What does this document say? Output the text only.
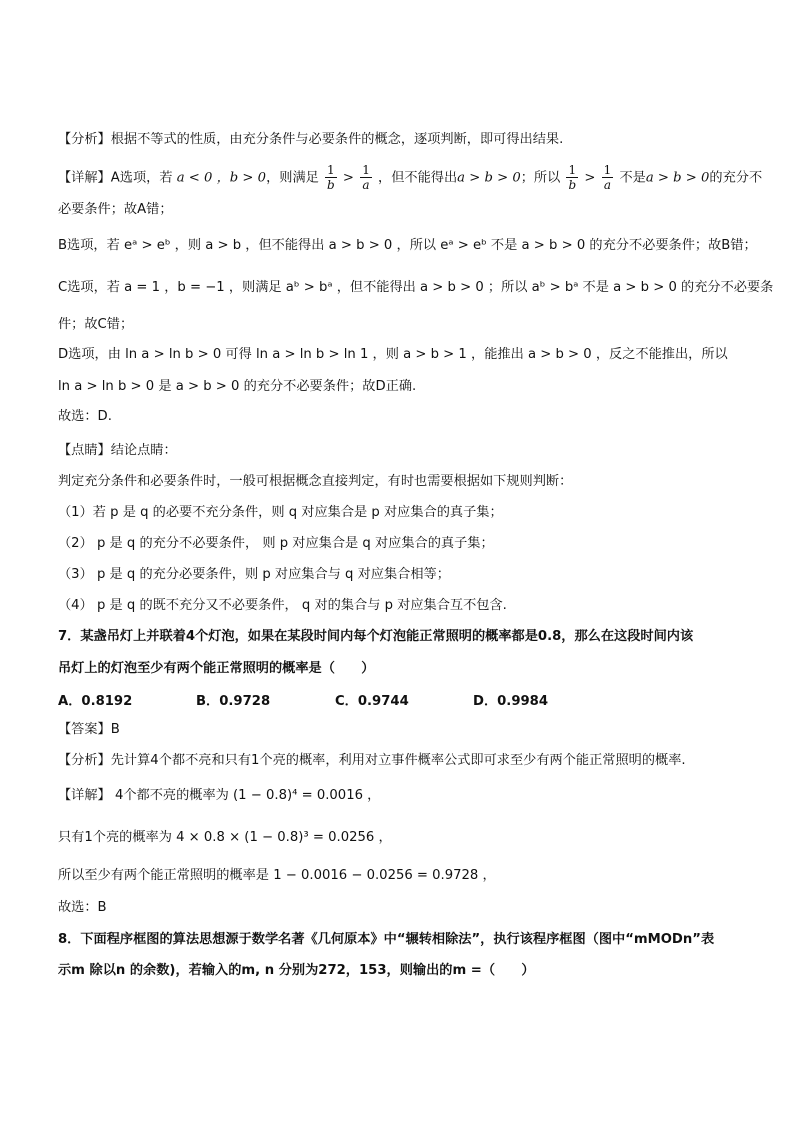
【分析】根据不等式的性质，由充分条件与必要条件的概念，逐项判断，即可得出结果.
【详解】A选项，若 a < 0 ，b > 0，则满足 $\frac{1}{b} > \frac{1}{a}$ ，但不能得出a > b > 0；所以 $\frac{1}{b} > \frac{1}{a}$ 不是a > b > 0的充分不
必要条件；故A错；
B选项，若 eᵃ > eᵇ ，则 a > b ，但不能得出 a > b > 0 ，所以 eᵃ > eᵇ 不是 a > b > 0 的充分不必要条件；故B错；
C选项，若 a = 1 ，b = −1 ，则满足 aᵇ > bᵃ ，但不能得出 a > b > 0 ；所以 aᵇ > bᵃ 不是 a > b > 0 的充分不必要条
件；故C错；
D选项，由 ln a > ln b > 0 可得 ln a > ln b > ln 1 ，则 a > b > 1 ，能推出 a > b > 0 ，反之不能推出，所以
ln a > ln b > 0 是 a > b > 0 的充分不必要条件；故D正确.
故选：D.
【点睛】结论点睛：
判定充分条件和必要条件时，一般可根据概念直接判定，有时也需要根据如下规则判断：
（1）若 p 是 q 的必要不充分条件，则 q 对应集合是 p 对应集合的真子集；
（2） p 是 q 的充分不必要条件， 则 p 对应集合是 q 对应集合的真子集；
（3） p 是 q 的充分必要条件，则 p 对应集合与 q 对应集合相等；
（4） p 是 q 的既不充分又不必要条件， q 对的集合与 p 对应集合互不包含.
7．某盏吊灯上并联着4个灯泡，如果在某段时间内每个灯泡能正常照明的概率都是0.8，那么在这段时间内该
吊灯上的灯泡至少有两个能正常照明的概率是（　　）
A．0.8192	B．0.9728	C．0.9744	D．0.9984
【答案】B
【分析】先计算4个都不亮和只有1个亮的概率，利用对立事件概率公式即可求至少有两个能正常照明的概率.
【详解】 4个都不亮的概率为 (1 − 0.8)⁴ = 0.0016 ，
只有1个亮的概率为 4 × 0.8 × (1 − 0.8)³ = 0.0256 ，
所以至少有两个能正常照明的概率是 1 − 0.0016 − 0.0256 = 0.9728 ，
故选：B
8．下面程序框图的算法思想源于数学名著《几何原本》中“辗转相除法”，执行该程序框图（图中“mMODn”表
示m 除以n 的余数)，若输入的m, n 分别为272，153，则输出的m =（　　）
